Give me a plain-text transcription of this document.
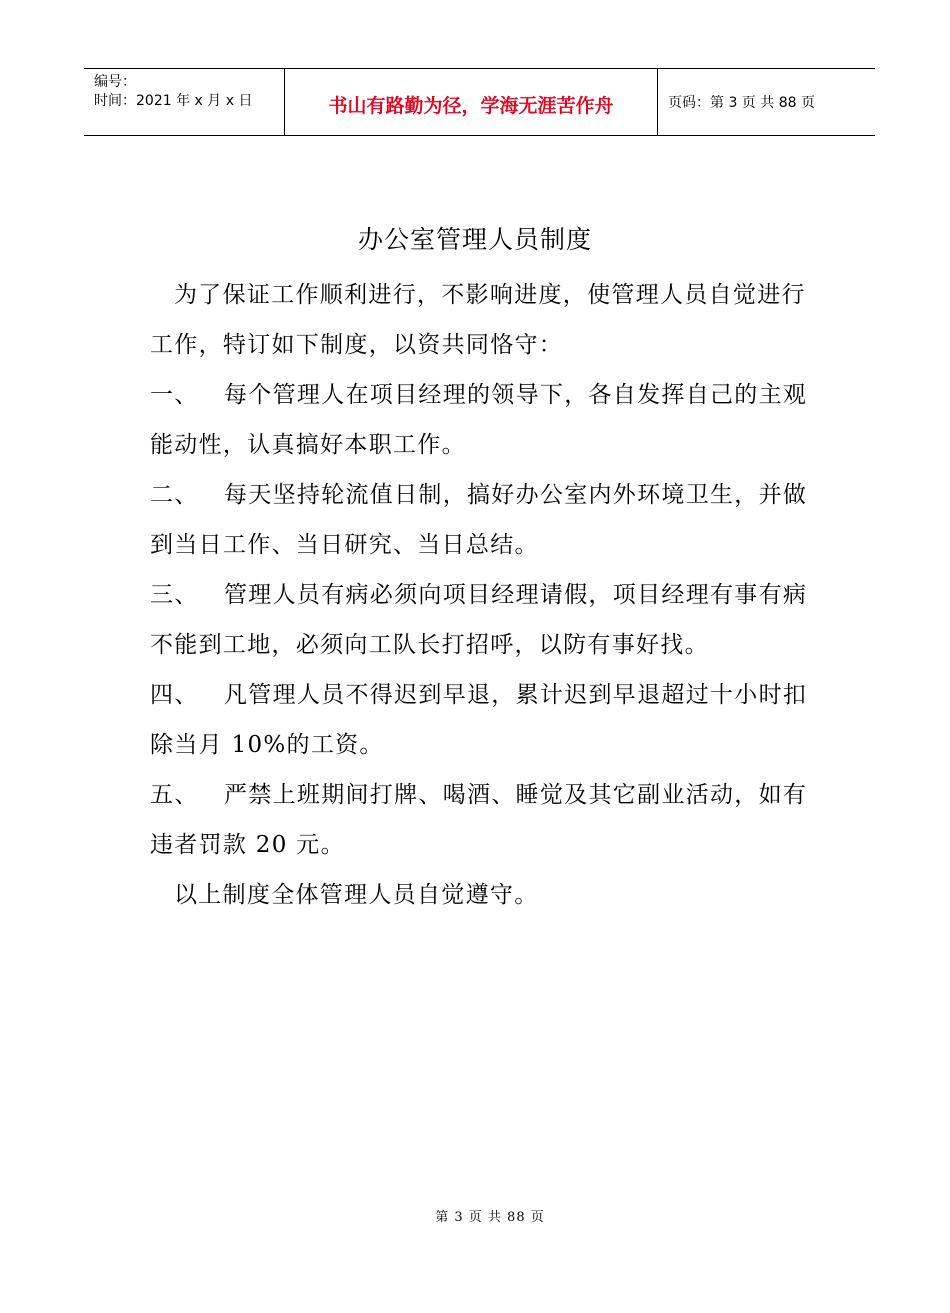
编号：
时间：2021 年 x 月 x 日	书山有路勤为径，学海无涯苦作舟	页码：第 3 页 共 88 页
办公室管理人员制度

为了保证工作顺利进行，不影响进度，使管理人员自觉进行工作，特订如下制度，以资共同恪守：

一、 每个管理人在项目经理的领导下，各自发挥自己的主观能动性，认真搞好本职工作。

二、 每天坚持轮流值日制，搞好办公室内外环境卫生，并做到当日工作、当日研究、当日总结。

三、 管理人员有病必须向项目经理请假，项目经理有事有病不能到工地，必须向工队长打招呼，以防有事好找。

四、 凡管理人员不得迟到早退，累计迟到早退超过十小时扣除当月 10%的工资。

五、 严禁上班期间打牌、喝酒、睡觉及其它副业活动，如有违者罚款 20 元。

以上制度全体管理人员自觉遵守。

第 3 页 共 88 页
